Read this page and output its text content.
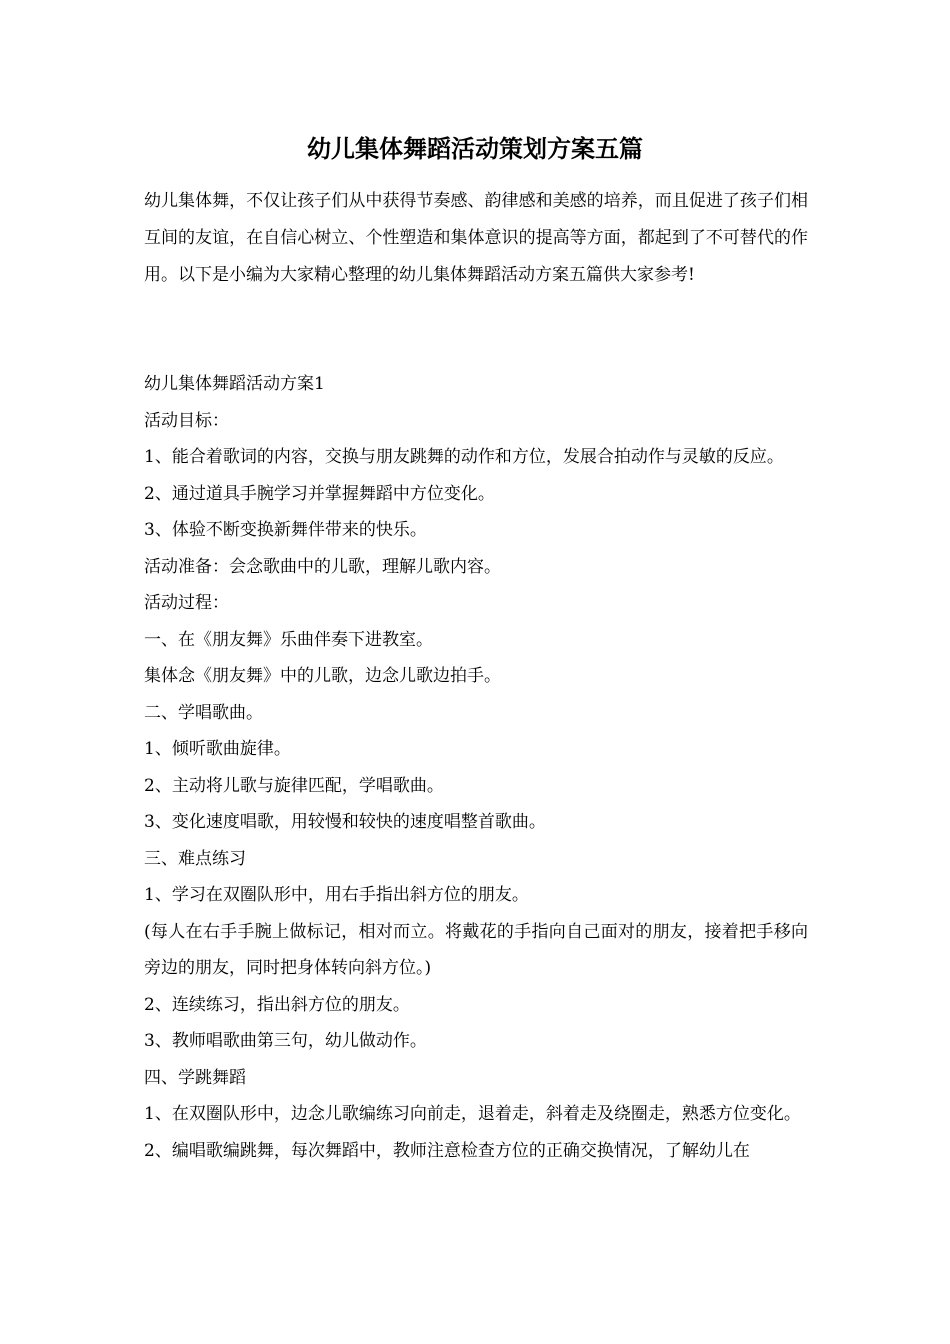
幼儿集体舞蹈活动策划方案五篇
幼儿集体舞，不仅让孩子们从中获得节奏感、韵律感和美感的培养，而且促进了孩子们相互间的友谊，在自信心树立、个性塑造和集体意识的提高等方面，都起到了不可替代的作用。以下是小编为大家精心整理的幼儿集体舞蹈活动方案五篇供大家参考!

幼儿集体舞蹈活动方案1

活动目标：

1、能合着歌词的内容，交换与朋友跳舞的动作和方位，发展合拍动作与灵敏的反应。

2、通过道具手腕学习并掌握舞蹈中方位变化。

3、体验不断变换新舞伴带来的快乐。

活动准备：会念歌曲中的儿歌，理解儿歌内容。

活动过程：

一、在《朋友舞》乐曲伴奏下进教室。

集体念《朋友舞》中的儿歌，边念儿歌边拍手。

二、学唱歌曲。

1、倾听歌曲旋律。

2、主动将儿歌与旋律匹配，学唱歌曲。

3、变化速度唱歌，用较慢和较快的速度唱整首歌曲。

三、难点练习

1、学习在双圈队形中，用右手指出斜方位的朋友。

(每人在右手手腕上做标记，相对而立。将戴花的手指向自己面对的朋友，接着把手移向旁边的朋友，同时把身体转向斜方位。)

2、连续练习，指出斜方位的朋友。

3、教师唱歌曲第三句，幼儿做动作。

四、学跳舞蹈

1、在双圈队形中，边念儿歌编练习向前走，退着走，斜着走及绕圈走，熟悉方位变化。

2、编唱歌编跳舞，每次舞蹈中，教师注意检查方位的正确交换情况，了解幼儿在
